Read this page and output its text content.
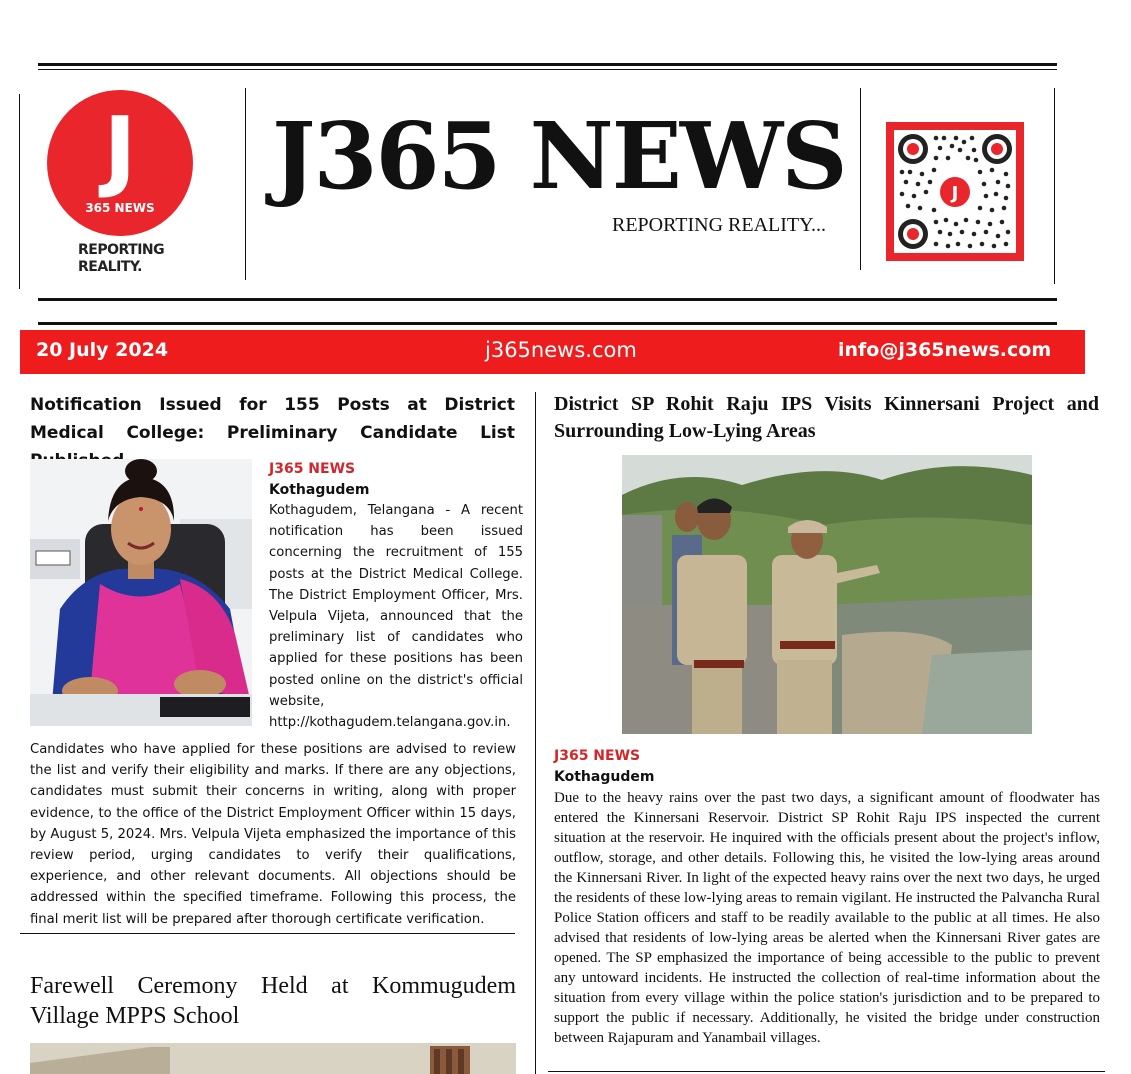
J
365 NEWS
REPORTING
REALITY.
J365 NEWS
REPORTING REALITY...
J
20 July 2024	j365news.com	info@j365news.com
Notification Issued for 155 Posts at District Medical College: Preliminary Candidate List
J365 NEWS
Kothagudem
Kothagudem, Telangana - A recent notification has been issued concerning the recruitment of 155 posts at the District Medical College. The District Employment Officer, Mrs. Velpula Vijeta, announced that the preliminary list of candidates who applied for these positions has been posted online on the district's official website, http://kothagudem.telangana.gov.in.
Candidates who have applied for these positions are advised to review the list and verify their eligibility and marks. If there are any objections, candidates must submit their concerns in writing, along with proper evidence, to the office of the District Employment Officer within 15 days, by August 5, 2024. Mrs. Velpula Vijeta emphasized the importance of this review period, urging candidates to verify their qualifications, experience, and other relevant documents. All objections should be addressed within the specified timeframe. Following this process, the final merit list will be prepared after thorough certificate verification.
Farewell Ceremony Held at Kommugudem Village MPPS School
District SP Rohit Raju IPS Visits Kinnersani Project and Surrounding Low-Lying Areas
J365 NEWS
Kothagudem
Due to the heavy rains over the past two days, a significant amount of floodwater has entered the Kinnersani Reservoir. District SP Rohit Raju IPS inspected the current situation at the reservoir. He inquired with the officials present about the project's inflow, outflow, storage, and other details. Following this, he visited the low-lying areas around the Kinnersani River. In light of the expected heavy rains over the next two days, he urged the residents of these low-lying areas to remain vigilant. He instructed the Palvancha Rural Police Station officers and staff to be readily available to the public at all times. He also advised that residents of low-lying areas be alerted when the Kinnersani River gates are opened. The SP emphasized the importance of being accessible to the public to prevent any untoward incidents. He instructed the collection of real-time information about the situation from every village within the police station's jurisdiction and to be prepared to support the public if necessary. Additionally, he visited the bridge under construction between Rajapuram and Yanambail villages.
